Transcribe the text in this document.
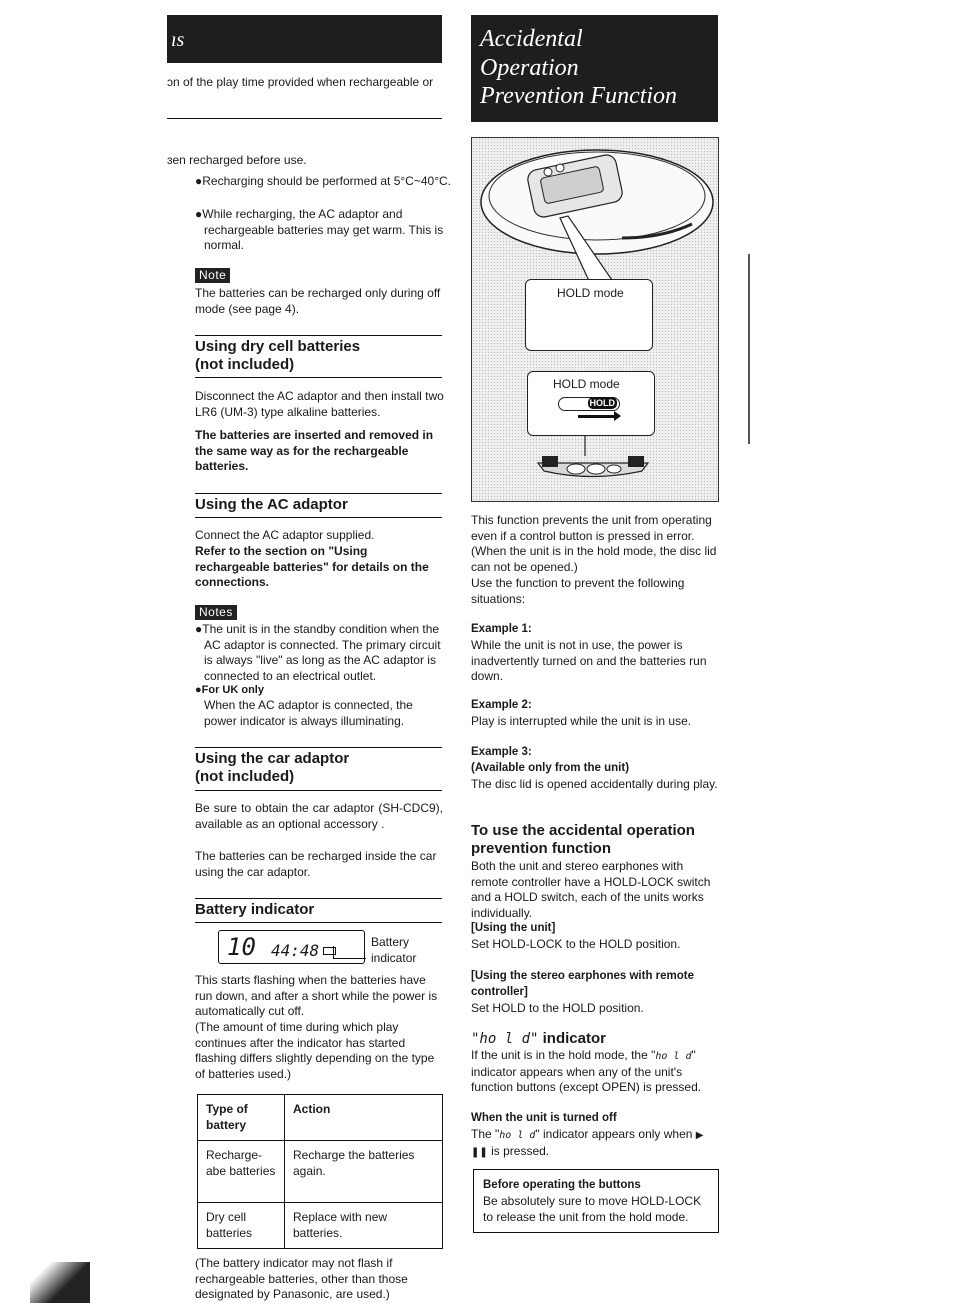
ıs
ɔn of the play time provided when rechargeable or
ɜen recharged before use.
●Recharging should be performed at 5°C~40°C.
●While recharging, the AC adaptor and rechargeable batteries may get warm. This is normal.
Note
The batteries can be recharged only during off mode (see page 4).
Using dry cell batteries
(not included)
Disconnect the AC adaptor and then install two LR6 (UM-3) type alkaline batteries.
The batteries are inserted and removed in the same way as for the rechargeable batteries.
Using the AC adaptor
Connect the AC adaptor supplied.
Refer to the section on "Using rechargeable batteries" for details on the connections.
Notes
●The unit is in the standby condition when the AC adaptor is connected. The primary circuit is always "live" as long as the AC adaptor is connected to an electrical outlet.
●For UK only
When the AC adaptor is connected, the power indicator is always illuminating.
Using the car adaptor
(not included)
Be sure to obtain the car adaptor (SH-CDC9), available as an optional accessory .
The batteries can be recharged inside the car using the car adaptor.
Battery indicator
10 44:48	Battery
indicator
This starts flashing when the batteries have run down, and after a short while the power is automatically cut off.
(The amount of time during which play continues after the indicator has started flashing differs slightly depending on the type of batteries used.)
Type of battery	Action
Recharge-abe batteries	Recharge the batteries again.
Dry cell batteries	Replace with new batteries.
(The battery indicator may not flash if rechargeable batteries, other than those designated by Panasonic, are used.)
Accidental
Operation
Prevention Function
HOLD mode
HOLD mode
HOLD
This function prevents the unit from operating even if a control button is pressed in error. (When the unit is in the hold mode, the disc lid can not be opened.)
Use the function to prevent the following situations:
Example 1:
While the unit is not in use, the power is inadvertently turned on and the batteries run down.
Example 2:
Play is interrupted while the unit is in use.
Example 3:
(Available only from the unit)
The disc lid is opened accidentally during play.
To use the accidental operation
prevention function
Both the unit and stereo earphones with remote controller have a HOLD-LOCK switch and a HOLD switch, each of the units works individually.
[Using the unit]
Set HOLD-LOCK to the HOLD position.
[Using the stereo earphones with remote controller]
Set HOLD to the HOLD position.
"ho l d" indicator
If the unit is in the hold mode, the "ho l d" indicator appears when any of the unit's function buttons (except OPEN) is pressed.
When the unit is turned off
The "ho l d" indicator appears only when ▶ ❚❚ is pressed.
Before operating the buttons
Be absolutely sure to move HOLD-LOCK to release the unit from the hold mode.
